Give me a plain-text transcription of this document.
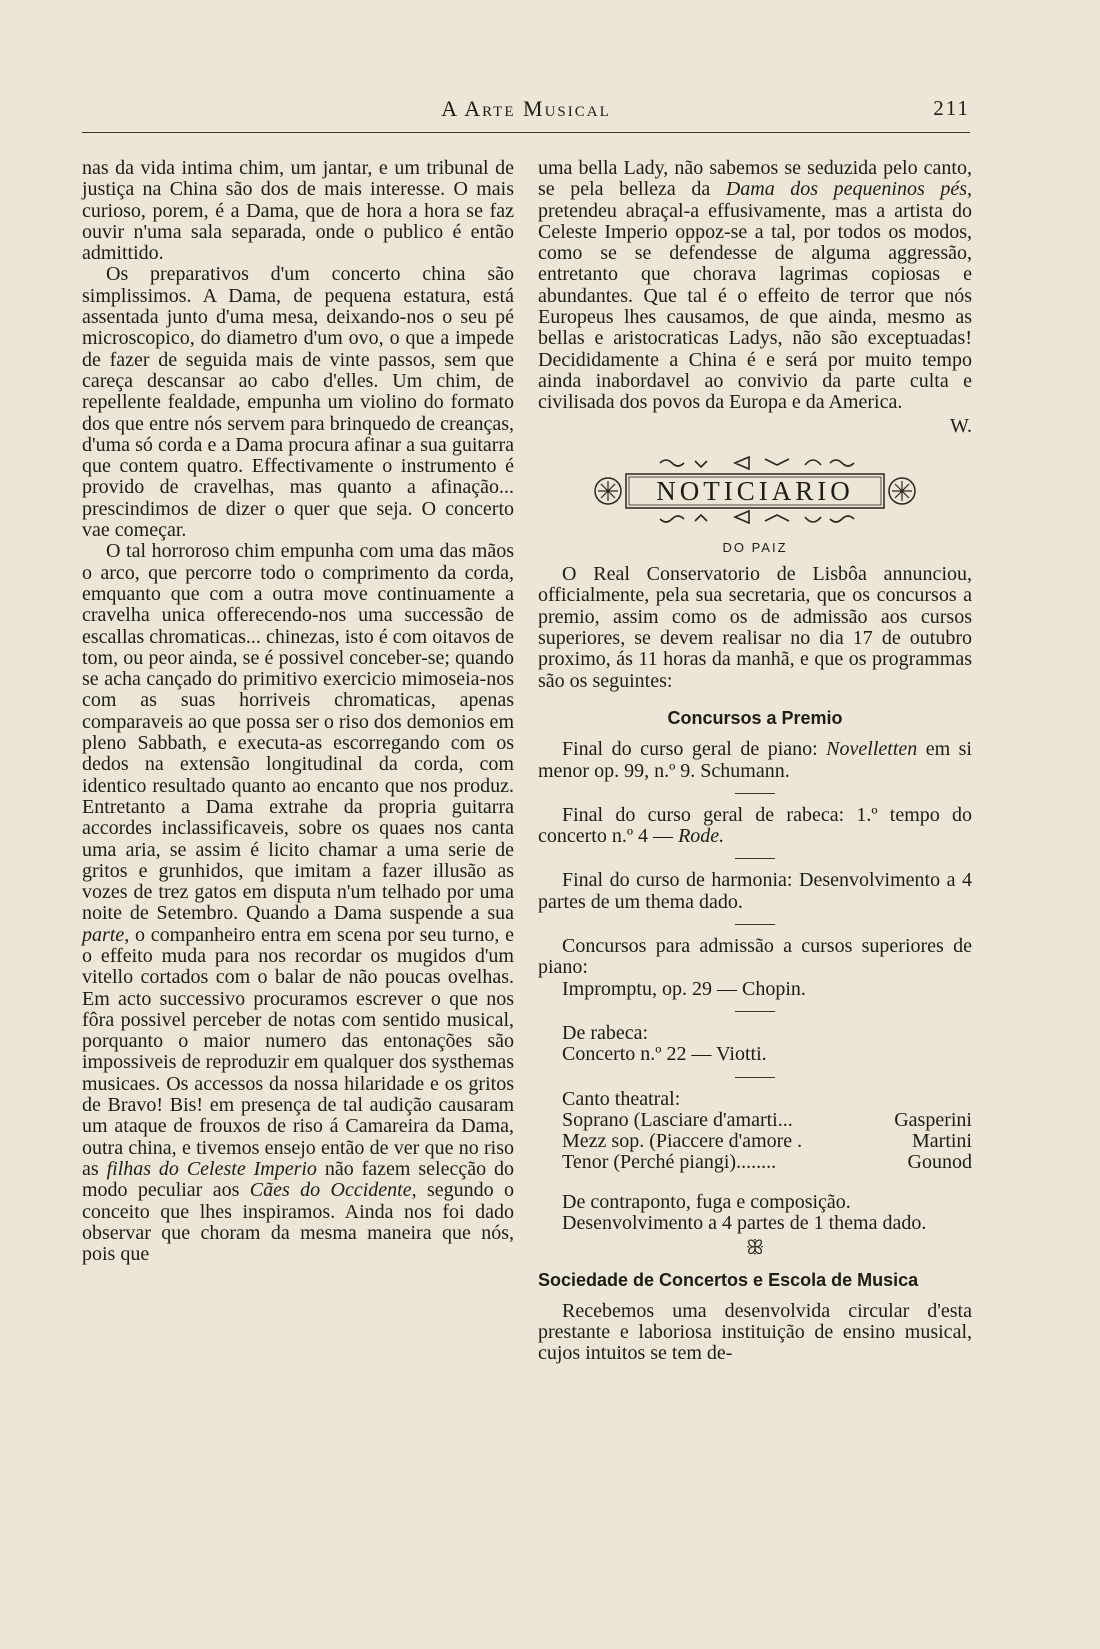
A Arte Musical	211

nas da vida intima chim, um jantar, e um tribunal de justiça na China são dos de mais interesse. O mais curioso, porem, é a Dama, que de hora a hora se faz ouvir n'uma sala separada, onde o publico é então admittido.

Os preparativos d'um concerto china são simplissimos. A Dama, de pequena estatura, está assentada junto d'uma mesa, deixando-nos o seu pé microscopico, do diametro d'um ovo, o que a impede de fazer de seguida mais de vinte passos, sem que careça descansar ao cabo d'elles. Um chim, de repellente fealdade, empunha um violino do formato dos que entre nós servem para brinquedo de creanças, d'uma só corda e a Dama procura afinar a sua guitarra que contem quatro. Effectivamente o instrumento é provido de cravelhas, mas quanto a afinação... prescindimos de dizer o quer que seja. O concerto vae começar.

O tal horroroso chim empunha com uma das mãos o arco, que percorre todo o comprimento da corda, emquanto que com a outra move continuamente a cravelha unica offerecendo-nos uma successão de escallas chromaticas... chinezas, isto é com oitavos de tom, ou peor ainda, se é possivel conceber-se; quando se acha cançado do primitivo exercicio mimoseia-nos com as suas horriveis chromaticas, apenas comparaveis ao que possa ser o riso dos demonios em pleno Sabbath, e executa-as escorregando com os dedos na extensão longitudinal da corda, com identico resultado quanto ao encanto que nos produz. Entretanto a Dama extrahe da propria guitarra accordes inclassificaveis, sobre os quaes nos canta uma aria, se assim é licito chamar a uma serie de gritos e grunhidos, que imitam a fazer illusão as vozes de trez gatos em disputa n'um telhado por uma noite de Setembro. Quando a Dama suspende a sua parte, o companheiro entra em scena por seu turno, e o effeito muda para nos recordar os mugidos d'um vitello cortados com o balar de não poucas ovelhas. Em acto successivo procuramos escrever o que nos fôra possivel perceber de notas com sentido musical, porquanto o maior numero das entonações são impossiveis de reproduzir em qualquer dos systhemas musicaes. Os accessos da nossa hilaridade e os gritos de Bravo! Bis! em presença de tal audição causaram um ataque de frouxos de riso á Camareira da Dama, outra china, e tivemos ensejo então de ver que no riso as filhas do Celeste Imperio não fazem selecção do modo peculiar aos Cães do Occidente, segundo o conceito que lhes inspiramos. Ainda nos foi dado observar que choram da mesma maneira que nós, pois que

uma bella Lady, não sabemos se seduzida pelo canto, se pela belleza da Dama dos pequeninos pés, pretendeu abraçal-a effusivamente, mas a artista do Celeste Imperio oppoz-se a tal, por todos os modos, como se se defendesse de alguma aggressão, entretanto que chorava lagrimas copiosas e abundantes. Que tal é o effeito de terror que nós Europeus lhes causamos, de que ainda, mesmo as bellas e aristocraticas Ladys, não são exceptuadas! Decididamente a China é e será por muito tempo ainda inabordavel ao convivio da parte culta e civilisada dos povos da Europa e da America.

W.
NOTICIARIO
DO PAIZ

O Real Conservatorio de Lisbôa annunciou, officialmente, pela sua secretaria, que os concursos a premio, assim como os de admissão aos cursos superiores, se devem realisar no dia 17 de outubro proximo, ás 11 horas da manhã, e que os programmas são os seguintes:

Concursos a Premio

Final do curso geral de piano: Novelletten em si menor op. 99, n.º 9. Schumann.

Final do curso geral de rabeca: 1.º tempo do concerto n.º 4 — Rode.

Final do curso de harmonia: Desenvolvimento a 4 partes de um thema dado.

Concursos para admissão a cursos superiores de piano:

Impromptu, op. 29 — Chopin.
De rabeca:
Concerto n.º 22 — Viotti.
Canto theatral:
Soprano (Lasciare d'amarti...	Gasperini
Mezz sop. (Piaccere d'amore .	Martini
Tenor (Perché piangi)........	Gounod
De contraponto, fuga e composição.

Desenvolvimento a 4 partes de 1 thema dado.

ꕥ
Sociedade de Concertos e Escola de Musica

Recebemos uma desenvolvida circular d'esta prestante e laboriosa instituição de ensino musical, cujos intuitos se tem de-
